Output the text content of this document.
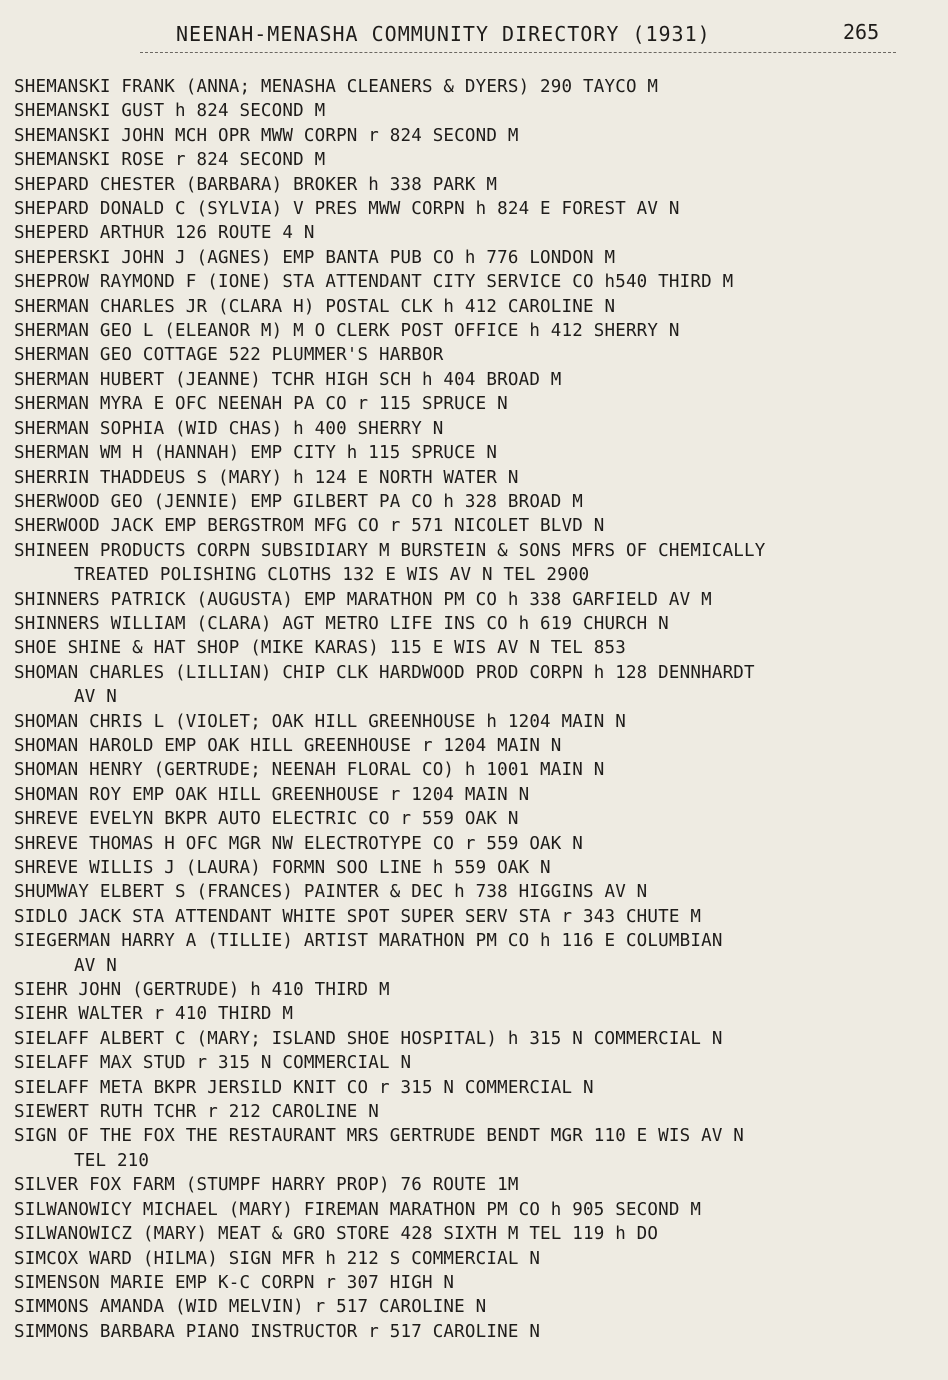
NEENAH-MENASHA COMMUNITY DIRECTORY (1931)	265
SHEMANSKI FRANK (ANNA; MENASHA CLEANERS & DYERS) 290 TAYCO M
SHEMANSKI GUST h 824 SECOND M
SHEMANSKI JOHN MCH OPR MWW CORPN r 824 SECOND M
SHEMANSKI ROSE r 824 SECOND M
SHEPARD CHESTER (BARBARA) BROKER h 338 PARK M
SHEPARD DONALD C (SYLVIA) V PRES MWW CORPN h 824 E FOREST AV N
SHEPERD ARTHUR 126 ROUTE 4 N
SHEPERSKI JOHN J (AGNES) EMP BANTA PUB CO h 776 LONDON M
SHEPROW RAYMOND F (IONE) STA ATTENDANT CITY SERVICE CO h540 THIRD M
SHERMAN CHARLES JR (CLARA H) POSTAL CLK h 412 CAROLINE N
SHERMAN GEO L (ELEANOR M) M O CLERK POST OFFICE h 412 SHERRY N
SHERMAN GEO COTTAGE 522 PLUMMER'S HARBOR
SHERMAN HUBERT (JEANNE) TCHR HIGH SCH h 404 BROAD M
SHERMAN MYRA E OFC NEENAH PA CO r 115 SPRUCE N
SHERMAN SOPHIA (WID CHAS) h 400 SHERRY N
SHERMAN WM H (HANNAH) EMP CITY h 115 SPRUCE N
SHERRIN THADDEUS S (MARY) h 124 E NORTH WATER N
SHERWOOD GEO (JENNIE) EMP GILBERT PA CO h 328 BROAD M
SHERWOOD JACK EMP BERGSTROM MFG CO r 571 NICOLET BLVD N
SHINEEN PRODUCTS CORPN SUBSIDIARY M BURSTEIN & SONS MFRS OF CHEMICALLY
TREATED POLISHING CLOTHS 132 E WIS AV N TEL 2900
SHINNERS PATRICK (AUGUSTA) EMP MARATHON PM CO h 338 GARFIELD AV M
SHINNERS WILLIAM (CLARA) AGT METRO LIFE INS CO h 619 CHURCH N
SHOE SHINE & HAT SHOP (MIKE KARAS) 115 E WIS AV N TEL 853
SHOMAN CHARLES (LILLIAN) CHIP CLK HARDWOOD PROD CORPN h 128 DENNHARDT
AV N
SHOMAN CHRIS L (VIOLET; OAK HILL GREENHOUSE h 1204 MAIN N
SHOMAN HAROLD EMP OAK HILL GREENHOUSE r 1204 MAIN N
SHOMAN HENRY (GERTRUDE; NEENAH FLORAL CO) h 1001 MAIN N
SHOMAN ROY EMP OAK HILL GREENHOUSE r 1204 MAIN N
SHREVE EVELYN BKPR AUTO ELECTRIC CO r 559 OAK N
SHREVE THOMAS H OFC MGR NW ELECTROTYPE CO r 559 OAK N
SHREVE WILLIS J (LAURA) FORMN SOO LINE h 559 OAK N
SHUMWAY ELBERT S (FRANCES) PAINTER & DEC h 738 HIGGINS AV N
SIDLO JACK STA ATTENDANT WHITE SPOT SUPER SERV STA r 343 CHUTE M
SIEGERMAN HARRY A (TILLIE) ARTIST MARATHON PM CO h 116 E COLUMBIAN
AV N
SIEHR JOHN (GERTRUDE) h 410 THIRD M
SIEHR WALTER r 410 THIRD M
SIELAFF ALBERT C (MARY; ISLAND SHOE HOSPITAL) h 315 N COMMERCIAL N
SIELAFF MAX STUD r 315 N COMMERCIAL N
SIELAFF META BKPR JERSILD KNIT CO r 315 N COMMERCIAL N
SIEWERT RUTH TCHR r 212 CAROLINE N
SIGN OF THE FOX THE RESTAURANT MRS GERTRUDE BENDT MGR 110 E WIS AV N
TEL 210
SILVER FOX FARM (STUMPF HARRY PROP) 76 ROUTE 1M
SILWANOWICY MICHAEL (MARY) FIREMAN MARATHON PM CO h 905 SECOND M
SILWANOWICZ (MARY) MEAT & GRO STORE 428 SIXTH M TEL 119 h DO
SIMCOX WARD (HILMA) SIGN MFR h 212 S COMMERCIAL N
SIMENSON MARIE EMP K-C CORPN r 307 HIGH N
SIMMONS AMANDA (WID MELVIN) r 517 CAROLINE N
SIMMONS BARBARA PIANO INSTRUCTOR r 517 CAROLINE N
